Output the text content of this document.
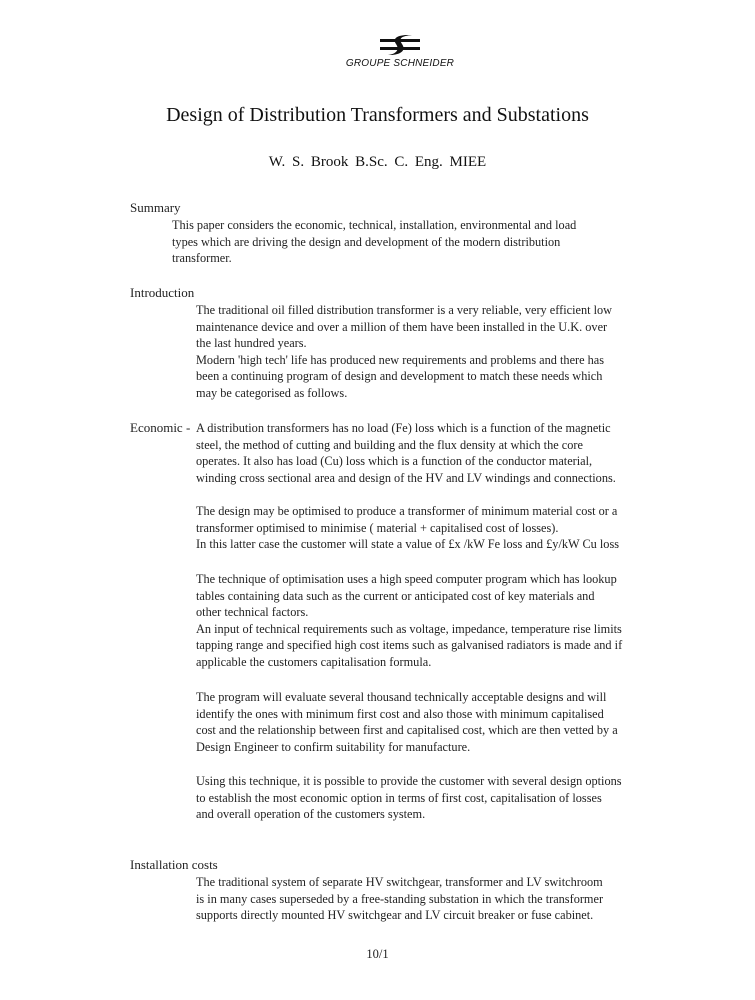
GROUPE SCHNEIDER
Design of Distribution Transformers and Substations
W. S. Brook B.Sc. C. Eng. MIEE
Summary
This paper considers the economic, technical, installation, environmental and load
types which are driving the design and development of the modern distribution
transformer.
Introduction
The traditional oil filled distribution transformer is a very reliable, very efficient low
maintenance device and over a million of them have been installed in the U.K. over
the last hundred years.
Modern 'high tech' life has produced new requirements and problems and there has
been a continuing program of design and development to match these needs which
may be categorised as follows.
Economic - A distribution transformers has no load (Fe) loss which is a function of the magnetic
steel, the method of cutting and building and the flux density at which the core
operates. It also has load (Cu) loss which is a function of the conductor material,
winding cross sectional area and design of the HV and LV windings and connections.
The design may be optimised to produce a transformer of minimum material cost or a
transformer optimised to minimise ( material + capitalised cost of losses).
In this latter case the customer will state a value of £x /kW Fe loss and £y/kW Cu loss
The technique of optimisation uses a high speed computer program which has lookup
tables containing data such as the current or anticipated cost of key materials and
other technical factors.
An input of technical requirements such as voltage, impedance, temperature rise limits
tapping range and specified high cost items such as galvanised radiators is made and if
applicable the customers capitalisation formula.
The program will evaluate several thousand technically acceptable designs and will
identify the ones with minimum first cost and also those with minimum capitalised
cost and the relationship between first and capitalised cost, which are then vetted by a
Design Engineer to confirm suitability for manufacture.
Using this technique, it is possible to provide the customer with several design options
to establish the most economic option in terms of first cost, capitalisation of losses
and overall operation of the customers system.
Installation costs
The traditional system of separate HV switchgear, transformer and LV switchroom
is in many cases superseded by a free-standing substation in which the transformer
supports directly mounted HV switchgear and LV circuit breaker or fuse cabinet.
10/1
